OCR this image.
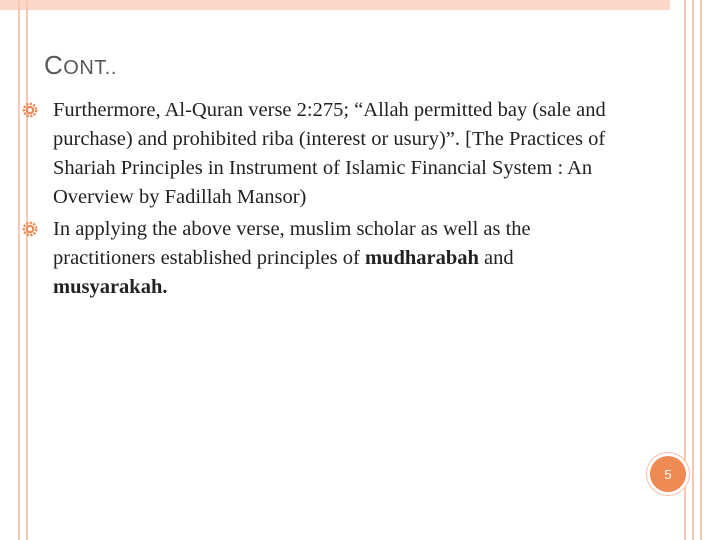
CONT..
Furthermore, Al-Quran verse 2:275; “Allah permitted bay (sale and purchase) and prohibited riba (interest or usury)”. [The Practices of Shariah Principles in Instrument of Islamic Financial System : An Overview by Fadillah Mansor)
In applying the above verse, muslim scholar as well as the practitioners established principles of mudharabah and musyarakah.
5
